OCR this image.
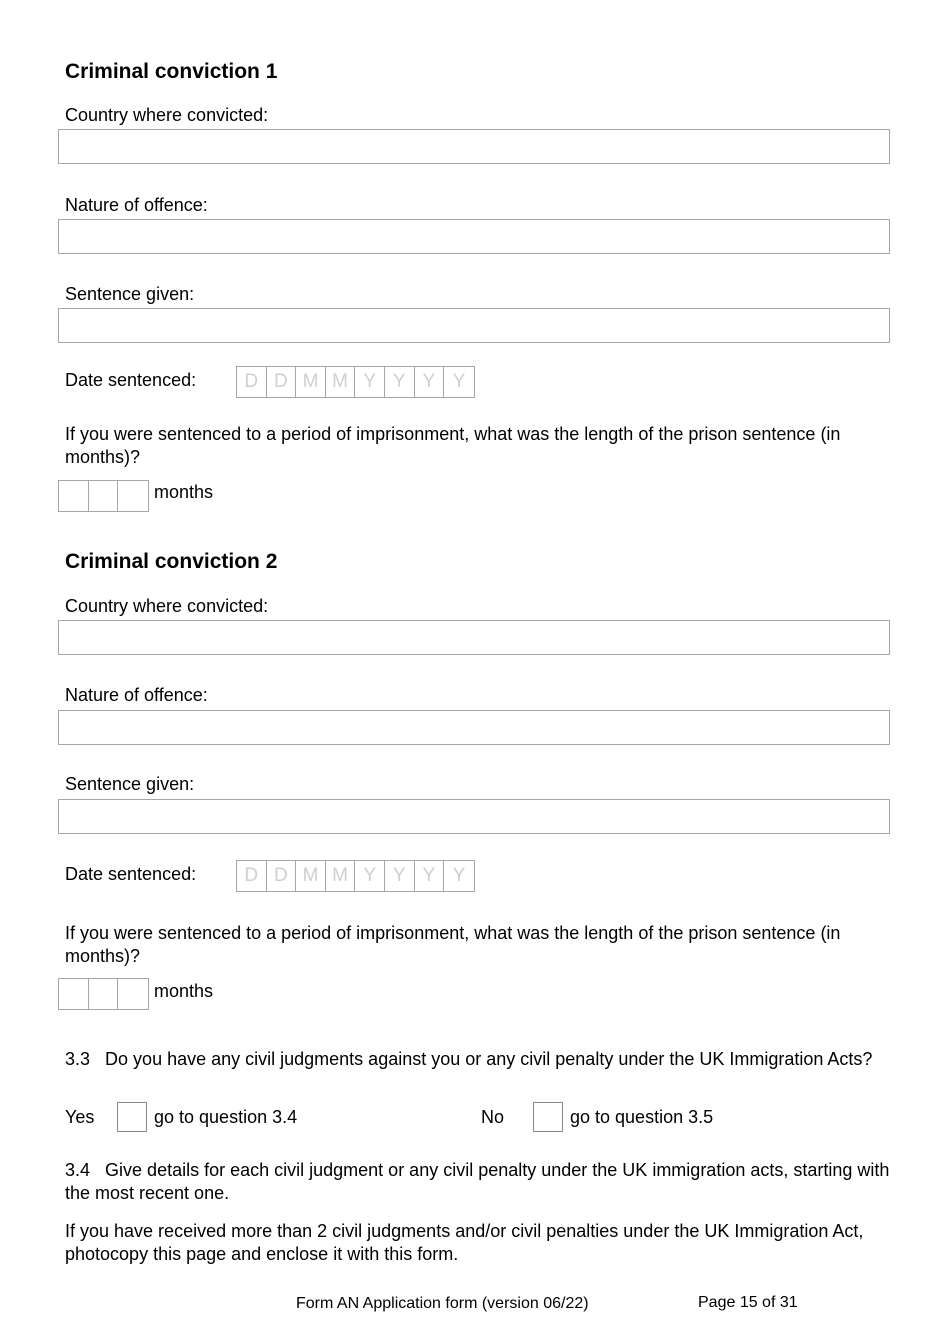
Criminal conviction 1
Country where convicted:
Nature of offence:
Sentence given:
Date sentenced:	D D M M Y Y Y Y
If you were sentenced to a period of imprisonment, what was the length of the prison sentence (in months)?
months
Criminal conviction 2
Country where convicted:
Nature of offence:
Sentence given:
Date sentenced:	D D M M Y Y Y Y
If you were sentenced to a period of imprisonment, what was the length of the prison sentence (in months)?
months
3.3 Do you have any civil judgments against you or any civil penalty under the UK Immigration Acts?
Yes	go to question 3.4	No	go to question 3.5
3.4 Give details for each civil judgment or any civil penalty under the UK immigration acts, starting with the most recent one.
If you have received more than 2 civil judgments and/or civil penalties under the UK Immigration Act, photocopy this page and enclose it with this form.
Form AN Application form (version 06/22)	Page 15 of 31
